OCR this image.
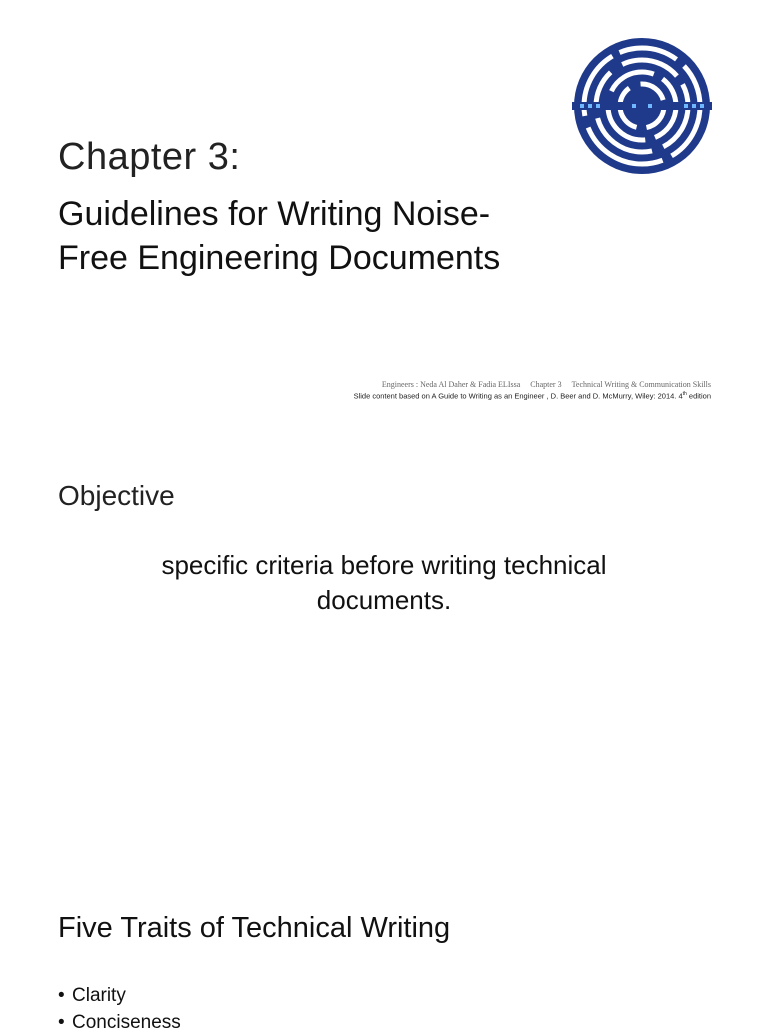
Chapter 3:
Guidelines for Writing Noise-
Free Engineering Documents
Engineers : Neda Al Daher & Fadia ELIssa Chapter 3 Technical Writing & Communication Skills
Slide content based on A Guide to Writing as an Engineer , D. Beer and D. McMurry, Wiley: 2014. 4th edition
Objective
specific criteria before writing technical documents.
Five Traits of Technical Writing
• Clarity
• Conciseness
